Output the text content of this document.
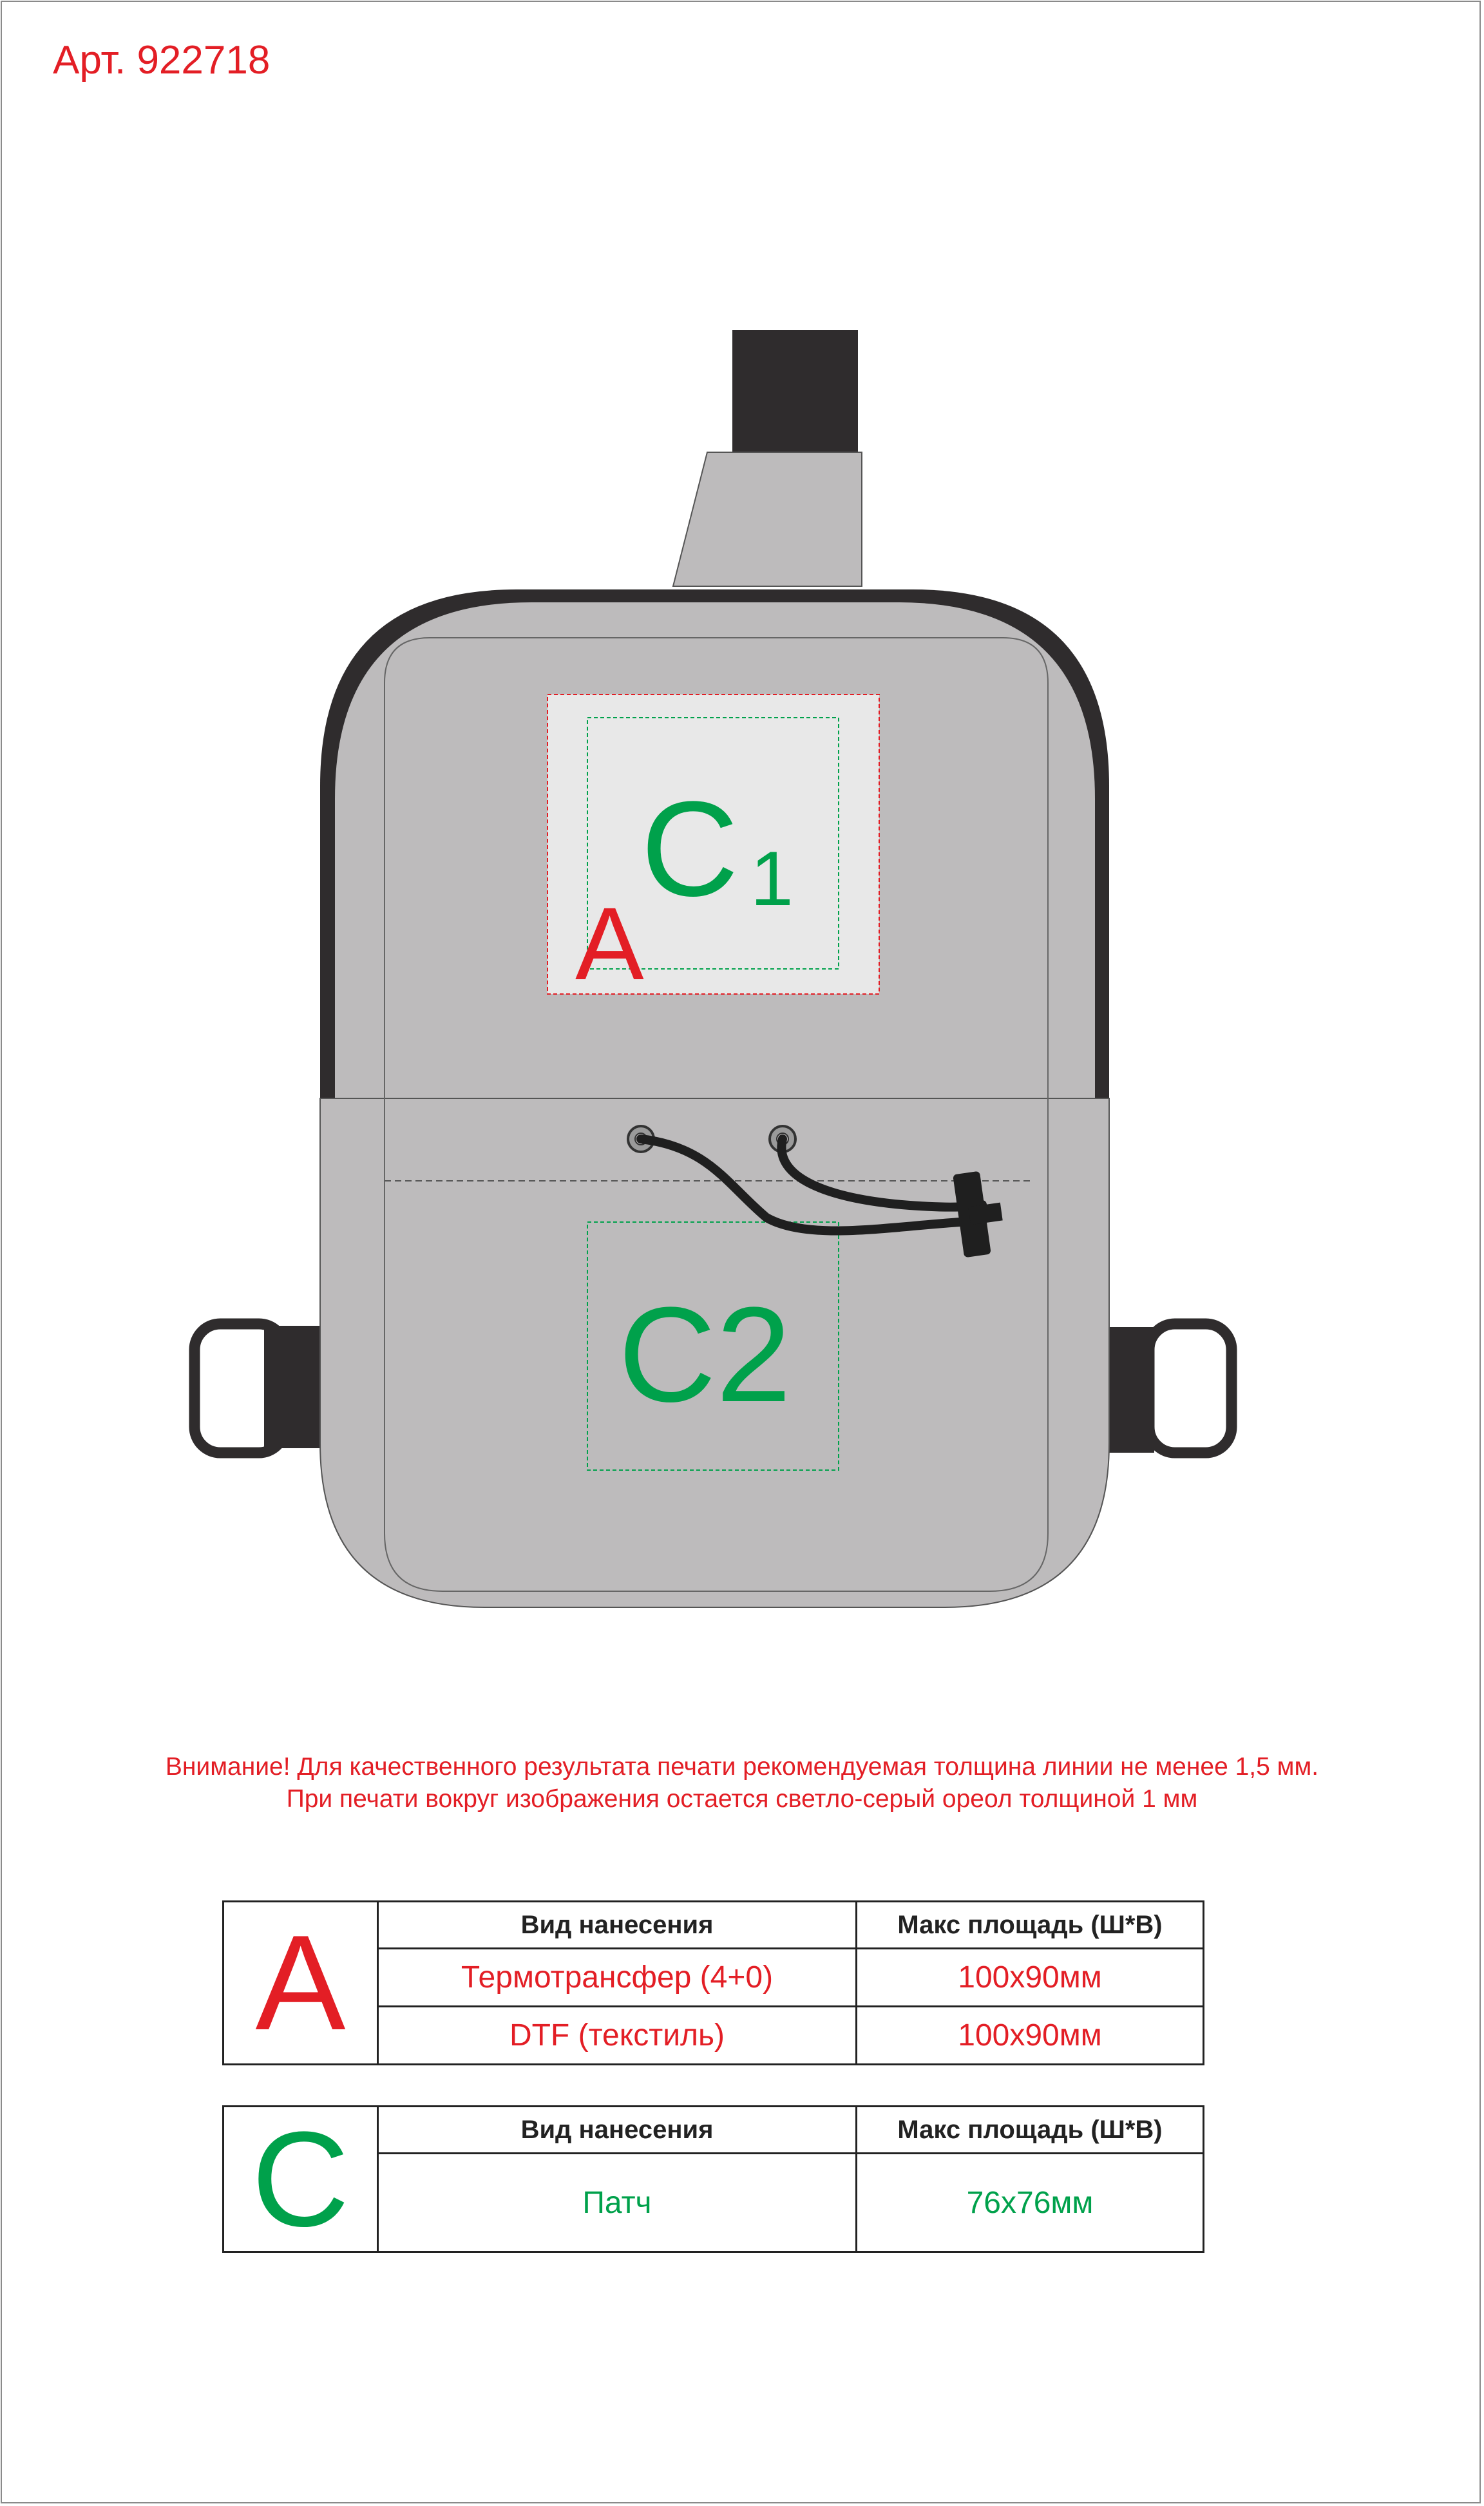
Арт. 922718
C 1
A
C2
Внимание! Для качественного результата печати рекомендуемая толщина линии не менее 1,5 мм.
При печати вокруг изображения остается светло-серый ореол толщиной 1 мм
A	Вид нанесения	Макс площадь (Ш*В)
	Термотрансфер (4+0)	100х90мм
	DTF (текстиль)	100х90мм
C	Вид нанесения	Макс площадь (Ш*В)
	Патч	76х76мм
